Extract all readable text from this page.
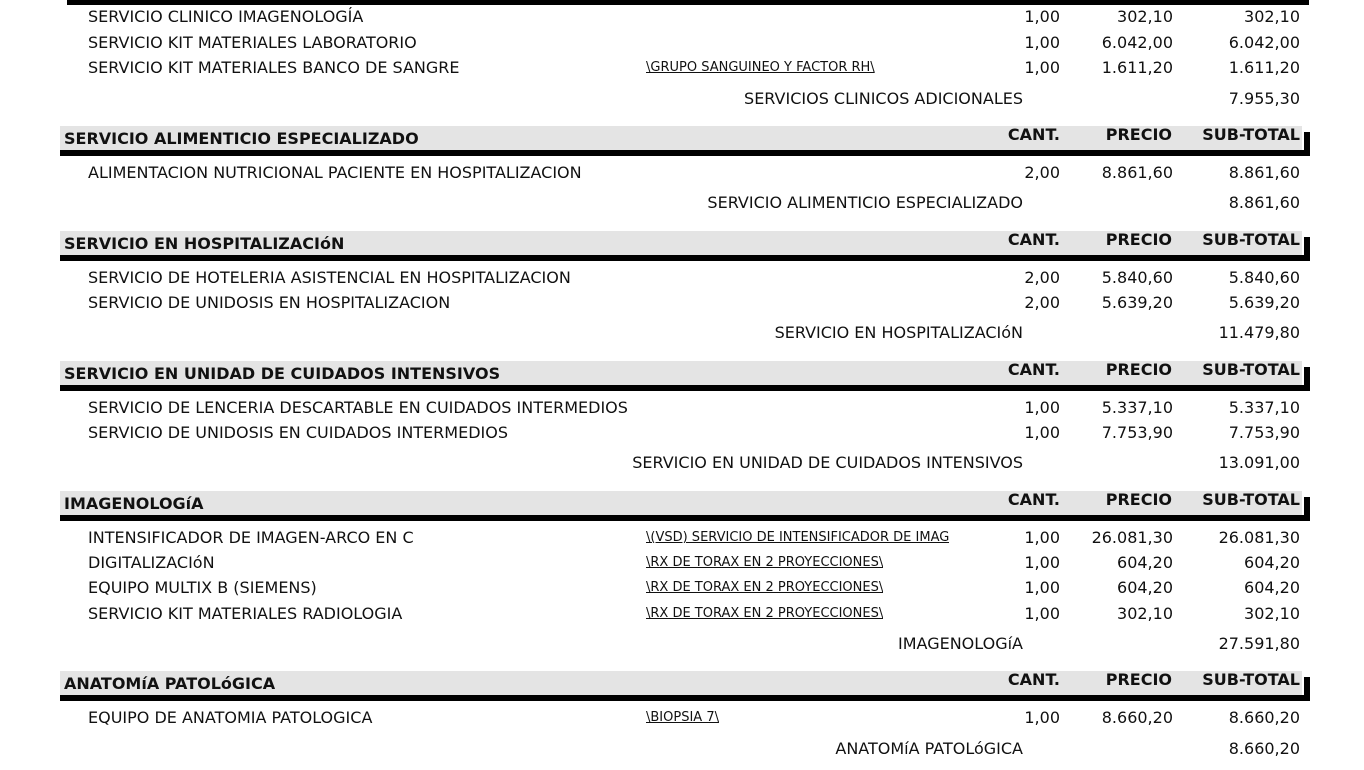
SERVICIO CLINICO IMAGENOLOGÍA	1,00	302,10	302,10
SERVICIO KIT MATERIALES LABORATORIO	1,00	6.042,00	6.042,00
SERVICIO KIT MATERIALES BANCO DE SANGRE	\GRUPO SANGUINEO Y FACTOR RH\	1,00	1.611,20	1.611,20
SERVICIOS CLINICOS ADICIONALES	7.955,30
SERVICIO ALIMENTICIO ESPECIALIZADO	CANT.	PRECIO SUB-TOTAL
ALIMENTACION NUTRICIONAL PACIENTE EN HOSPITALIZACION	2,00	8.861,60	8.861,60
SERVICIO ALIMENTICIO ESPECIALIZADO	8.861,60
SERVICIO EN HOSPITALIZACIóN	CANT.	PRECIO SUB-TOTAL
SERVICIO DE HOTELERIA ASISTENCIAL EN HOSPITALIZACION	2,00	5.840,60	5.840,60
SERVICIO DE UNIDOSIS EN HOSPITALIZACION	2,00	5.639,20	5.639,20
SERVICIO EN HOSPITALIZACIóN	11.479,80
SERVICIO EN UNIDAD DE CUIDADOS INTENSIVOS	CANT.	PRECIO SUB-TOTAL
SERVICIO DE LENCERIA DESCARTABLE EN CUIDADOS INTERMEDIOS	1,00	5.337,10	5.337,10
SERVICIO DE UNIDOSIS EN CUIDADOS INTERMEDIOS	1,00	7.753,90	7.753,90
SERVICIO EN UNIDAD DE CUIDADOS INTENSIVOS	13.091,00
IMAGENOLOGíA	CANT.	PRECIO SUB-TOTAL
INTENSIFICADOR DE IMAGEN-ARCO EN C	\(VSD) SERVICIO DE INTENSIFICADOR DE IMAG	1,00 26.081,30	26.081,30
DIGITALIZACIóN	\RX DE TORAX EN 2 PROYECCIONES\	1,00	604,20	604,20
EQUIPO MULTIX B (SIEMENS)	\RX DE TORAX EN 2 PROYECCIONES\	1,00	604,20	604,20
SERVICIO KIT MATERIALES RADIOLOGIA	\RX DE TORAX EN 2 PROYECCIONES\	1,00	302,10	302,10
IMAGENOLOGíA	27.591,80
ANATOMíA PATOLóGICA	CANT.	PRECIO SUB-TOTAL
EQUIPO DE ANATOMIA PATOLOGICA	\BIOPSIA 7\	1,00	8.660,20	8.660,20
ANATOMíA PATOLóGICA	8.660,20
